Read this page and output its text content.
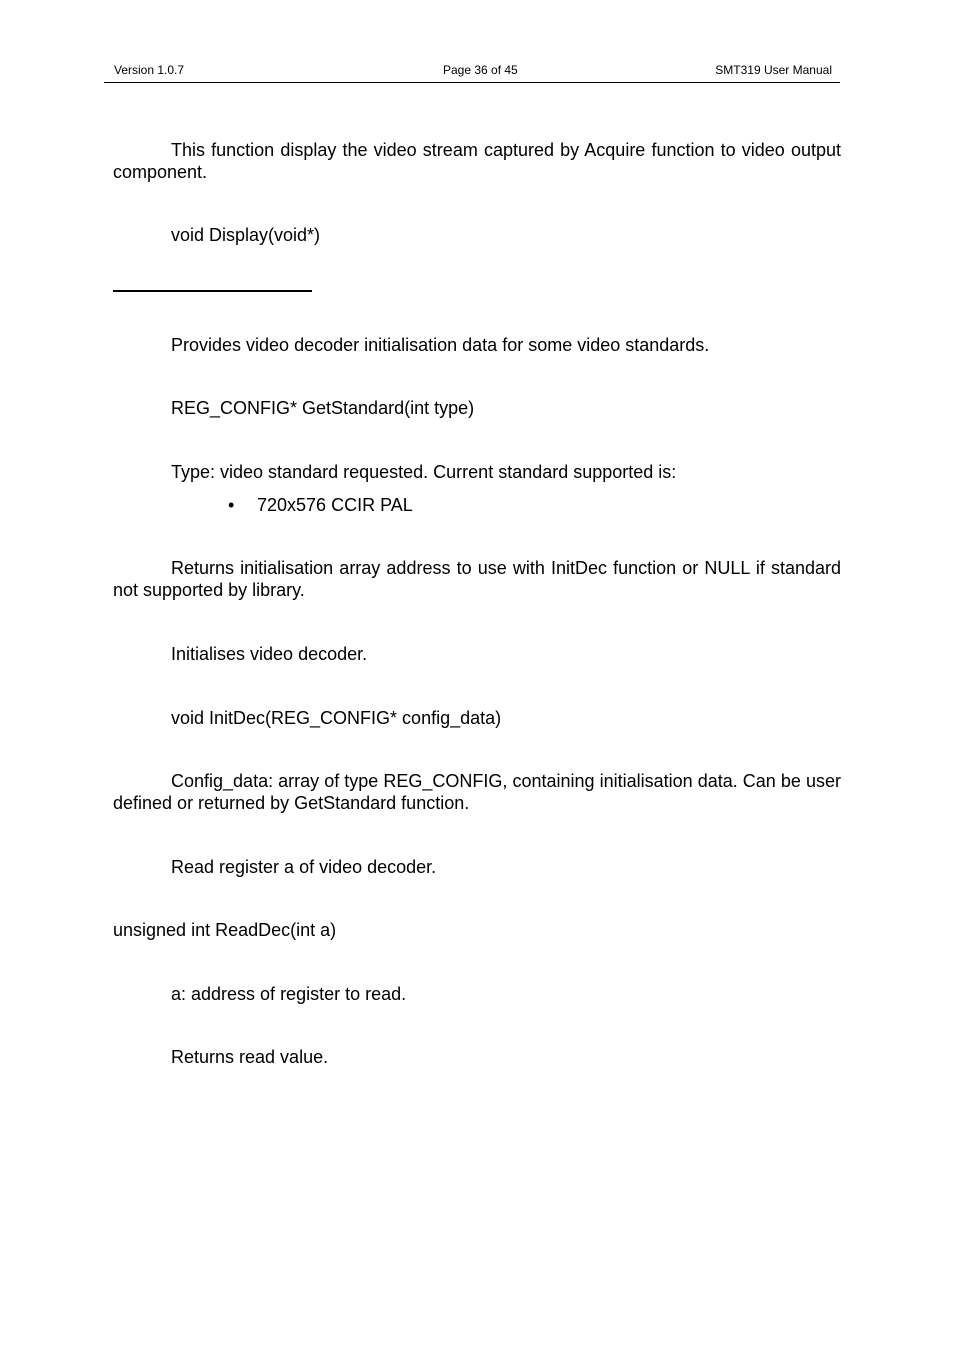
Version 1.0.7	Page 36 of 45	SMT319 User Manual

This function display the video stream captured by Acquire function to video output component.

void Display(void*)

Provides video decoder initialisation data for some video standards.

REG_CONFIG* GetStandard(int type)

Type: video standard requested. Current standard supported is:

• 720x576 CCIR PAL

Returns initialisation array address to use with InitDec function or NULL if standard not supported by library.

Initialises video decoder.

void InitDec(REG_CONFIG* config_data)

Config_data: array of type REG_CONFIG, containing initialisation data. Can be user defined or returned by GetStandard function.

Read register a of video decoder.

unsigned int ReadDec(int a)

a: address of register to read.

Returns read value.
